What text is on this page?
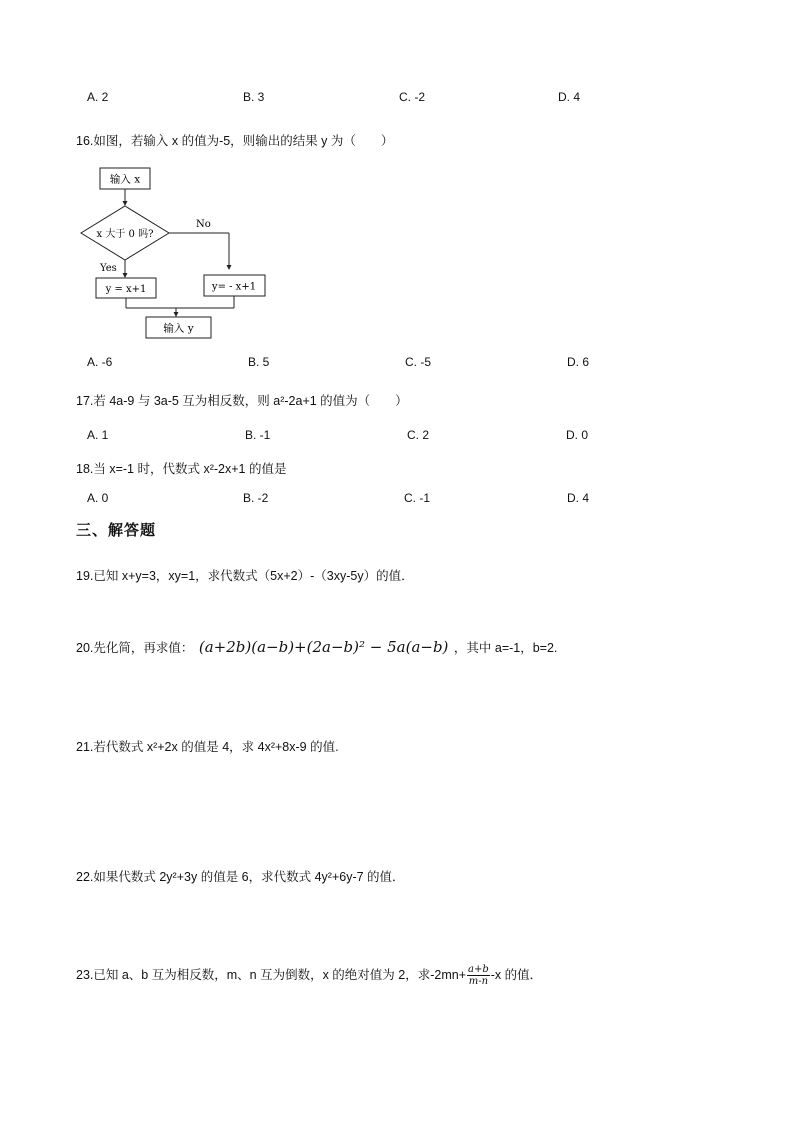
A. 2	B. 3	C. -2	D. 4
16.如图，若输入 x 的值为-5，则输出的结果 y 为（　　）
输入 x
x 大于 0 吗?
No
Yes
y = x+1	y= - x+1
输入 y
A. -6	B. 5	C. -5	D. 6
17.若 4a-9 与 3a-5 互为相反数，则 a²-2a+1 的值为（　　）
A. 1	B. -1	C. 2	D. 0
18.当 x=-1 时，代数式 x²-2x+1 的值是
A. 0	B. -2	C. -1	D. 4
三、解答题
19.已知 x+y=3，xy=1，求代数式（5x+2）-（3xy-5y）的值．
20.先化简，再求值： (a+2b)(a−b)+(2a−b)² − 5a(a−b) ，其中 a=-1，b=2.
21.若代数式 x²+2x 的值是 4，求 4x²+8x-9 的值.
22.如果代数式 2y²+3y 的值是 6，求代数式 4y²+6y-7 的值．
23.已知 a、b 互为相反数，m、n 互为倒数，x 的绝对值为 2，求$-2mn+ \frac{a+b}{m-n} -x$ 的值．
